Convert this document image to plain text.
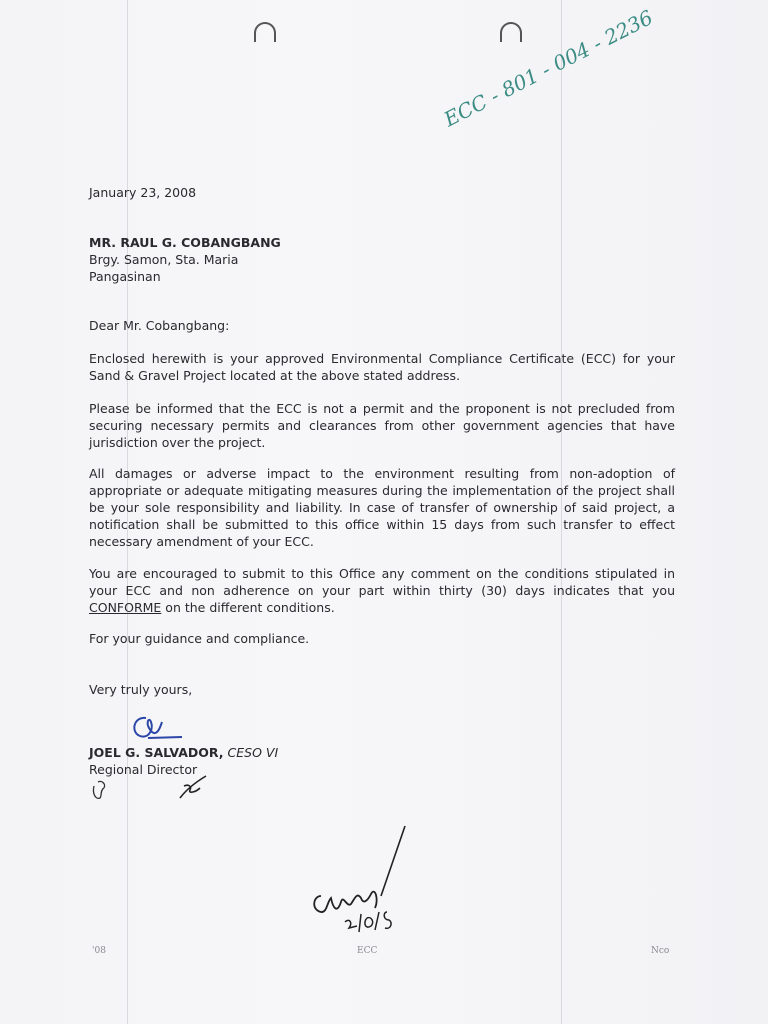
ECC - 801 - 004 - 2236
January 23, 2008
MR. RAUL G. COBANGBANG
Brgy. Samon, Sta. Maria
Pangasinan
Dear Mr. Cobangbang:
Enclosed herewith is your approved Environmental Compliance Certificate (ECC) for your Sand & Gravel Project located at the above stated address.
Please be informed that the ECC is not a permit and the proponent is not precluded from securing necessary permits and clearances from other government agencies that have jurisdiction over the project.
All damages or adverse impact to the environment resulting from non-adoption of appropriate or adequate mitigating measures during the implementation of the project shall be your sole responsibility and liability. In case of transfer of ownership of said project, a notification shall be submitted to this office within 15 days from such transfer to effect necessary amendment of your ECC.
You are encouraged to submit to this Office any comment on the conditions stipulated in your ECC and non adherence on your part within thirty (30) days indicates that you CONFORME on the different conditions.
For your guidance and compliance.
Very truly yours,
JOEL G. SALVADOR, CESO VI
Regional Director
'08	ECC	Nco
